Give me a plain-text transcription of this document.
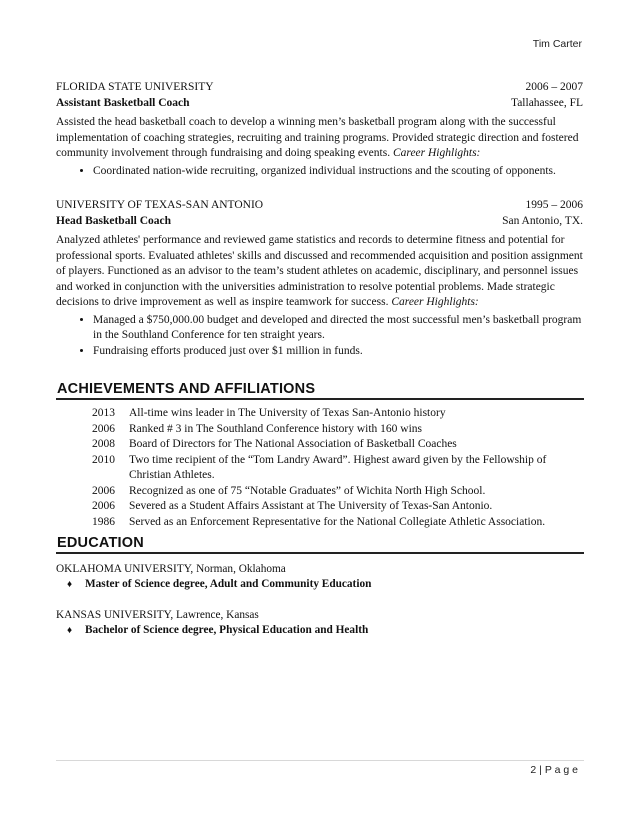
Tim Carter
FLORIDA STATE UNIVERSITY	2006 – 2007
Assistant Basketball Coach	Tallahassee, FL

Assisted the head basketball coach to develop a winning men’s basketball program along with the successful implementation of coaching strategies, recruiting and training programs. Provided strategic direction and fostered community involvement through fundraising and doing speaking events. Career Highlights:

• Coordinated nation-wide recruiting, organized individual instructions and the scouting of opponents.
UNIVERSITY OF TEXAS-SAN ANTONIO	1995 – 2006
Head Basketball Coach	San Antonio, TX.

Analyzed athletes' performance and reviewed game statistics and records to determine fitness and potential for professional sports. Evaluated athletes' skills and discussed and recommended acquisition and position assignment of players. Functioned as an advisor to the team’s student athletes on academic, disciplinary, and personnel issues and worked in conjunction with the universities administration to resolve potential problems. Made strategic decisions to drive improvement as well as inspire teamwork for success. Career Highlights:

• Managed a $750,000.00 budget and developed and directed the most successful men’s basketball program in the Southland Conference for ten straight years.
• Fundraising efforts produced just over $1 million in funds.
ACHIEVEMENTS AND AFFILIATIONS
2013	All-time wins leader in The University of Texas San-Antonio history
2006	Ranked # 3 in The Southland Conference history with 160 wins
2008	Board of Directors for The National Association of Basketball Coaches
2010	Two time recipient of the “Tom Landry Award”. Highest award given by the Fellowship of Christian Athletes.
2006	Recognized as one of 75 “Notable Graduates” of Wichita North High School.
2006	Severed as a Student Affairs Assistant at The University of Texas-San Antonio.
1986	Served as an Enforcement Representative for the National Collegiate Athletic Association.
EDUCATION
OKLAHOMA UNIVERSITY, Norman, Oklahoma
♦	Master of Science degree, Adult and Community Education
KANSAS UNIVERSITY, Lawrence, Kansas
♦	Bachelor of Science degree, Physical Education and Health
2 | P a g e
